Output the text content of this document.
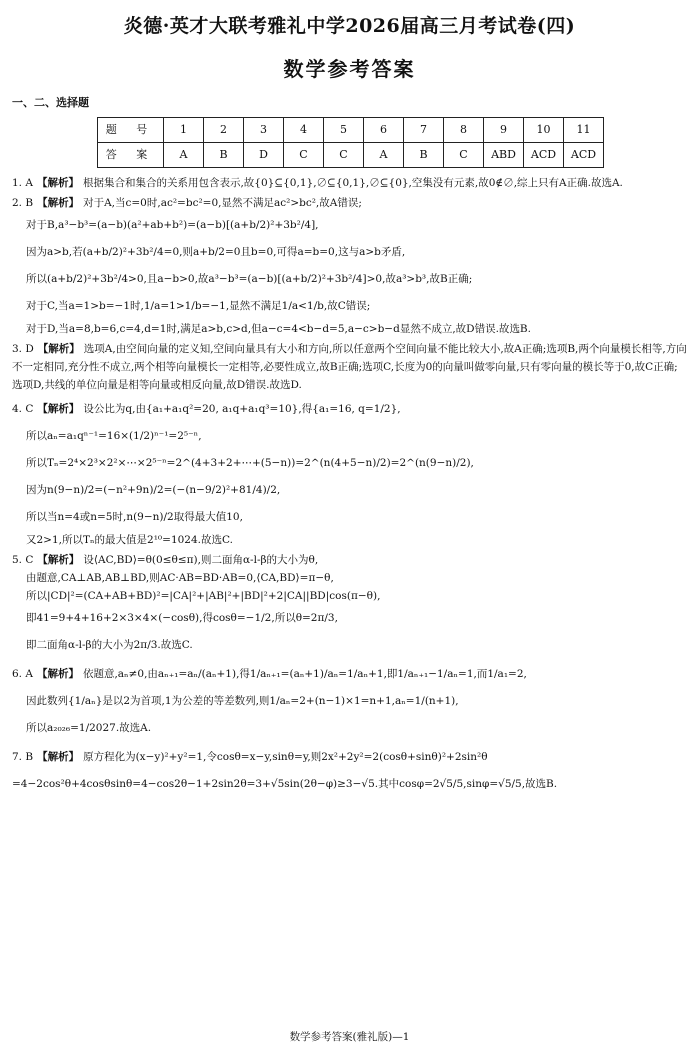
炎德·英才大联考雅礼中学2026届高三月考试卷(四)
数学参考答案
一、二、选择题
题 号	1	2	3	4	5	6	7	8	9	10	11
答 案	A	B	D	C	C	A	B	C	ABD	ACD	ACD
1. A 【解析】 根据集合和集合的关系用包含表示,故{0}⊆{0,1},∅⊆{0,1},∅⊆{0},空集没有元素,故0∉∅,综上只有A正确.故选A.
2. B 【解析】 对于A,当c=0时,ac²=bc²=0,显然不满足ac²>bc²,故A错误;
对于B,a³−b³=(a−b)(a²+ab+b²)=(a−b)[(a+b/2)²+3b²/4],
因为a>b,若(a+b/2)²+3b²/4=0,则a+b/2=0且b=0,可得a=b=0,这与a>b矛盾,
所以(a+b/2)²+3b²/4>0,且a−b>0,故a³−b³=(a−b)[(a+b/2)²+3b²/4]>0,故a³>b³,故B正确;
对于C,当a=1>b=−1时,1/a=1>1/b=−1,显然不满足1/a<1/b,故C错误;
对于D,当a=8,b=6,c=4,d=1时,满足a>b,c>d,但a−c=4<b−d=5,a−c>b−d显然不成立,故D错误.故选B.
3. D 【解析】 选项A,由空间向量的定义知,空间向量具有大小和方向,所以任意两个空间向量不能比较大小,故A正确;选项B,两个向量模长相等,方向不一定相同,充分性不成立,两个相等向量模长一定相等,必要性成立,故B正确;选项C,长度为0的向量叫做零向量,只有零向量的模长等于0,故C正确;选项D,共线的单位向量是相等向量或相反向量,故D错误.故选D.
4. C 【解析】 设公比为q,由{a₁+a₁q²=20, a₁q+a₁q³=10},得{a₁=16, q=1/2},
所以aₙ=a₁qⁿ⁻¹=16×(1/2)ⁿ⁻¹=2⁵⁻ⁿ,
所以Tₙ=2⁴×2³×2²×⋯×2⁵⁻ⁿ=2^(4+3+2+⋯+(5−n))=2^(n(4+5−n)/2)=2^(n(9−n)/2),
因为n(9−n)/2=(−n²+9n)/2=(−(n−9/2)²+81/4)/2,
所以当n=4或n=5时,n(9−n)/2取得最大值10,
又2>1,所以Tₙ的最大值是2¹⁰=1024.故选C.
5. C 【解析】 设⟨AC,BD⟩=θ(0≤θ≤π),则二面角α-l-β的大小为θ,
由题意,CA⊥AB,AB⊥BD,则AC·AB=BD·AB=0,⟨CA,BD⟩=π−θ,
所以|CD|²=(CA+AB+BD)²=|CA|²+|AB|²+|BD|²+2|CA||BD|cos(π−θ),
即41=9+4+16+2×3×4×(−cosθ),得cosθ=−1/2,所以θ=2π/3,
即二面角α-l-β的大小为2π/3.故选C.
6. A 【解析】 依题意,aₙ≠0,由aₙ₊₁=aₙ/(aₙ+1),得1/aₙ₊₁=(aₙ+1)/aₙ=1/aₙ+1,即1/aₙ₊₁−1/aₙ=1,而1/a₁=2,
因此数列{1/aₙ}是以2为首项,1为公差的等差数列,则1/aₙ=2+(n−1)×1=n+1,aₙ=1/(n+1),
所以a₂₀₂₆=1/2027.故选A.
7. B 【解析】 原方程化为(x−y)²+y²=1,令cosθ=x−y,sinθ=y,则2x²+2y²=2(cosθ+sinθ)²+2sin²θ
=4−2cos²θ+4cosθsinθ=4−cos2θ−1+2sin2θ=3+√5sin(2θ−φ)≥3−√5.其中cosφ=2√5/5,sinφ=√5/5,故选B.
数学参考答案(雅礼版)—1
